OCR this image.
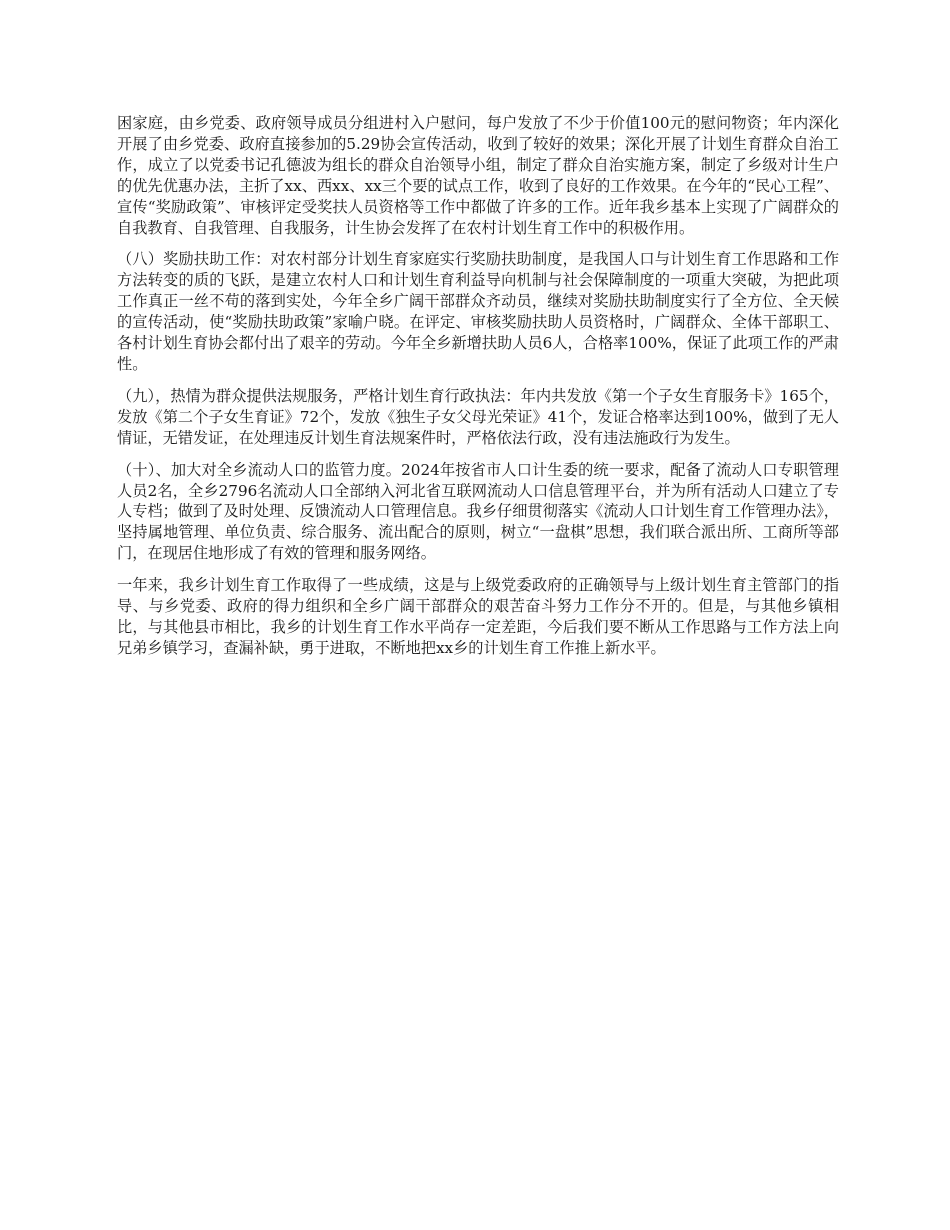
困家庭，由乡党委、政府领导成员分组进村入户慰问，每户发放了不少于价值100元的慰问物资；年内深化开展了由乡党委、政府直接参加的5.29协会宣传活动，收到了较好的效果；深化开展了计划生育群众自治工作，成立了以党委书记孔德波为组长的群众自治领导小组，制定了群众自治实施方案，制定了乡级对计生户的优先优惠办法，主折了xx、西xx、xx三个要的试点工作，收到了良好的工作效果。在今年的“民心工程”、宣传“奖励政策”、审核评定受奖扶人员资格等工作中都做了许多的工作。近年我乡基本上实现了广阔群众的自我教育、自我管理、自我服务，计生协会发挥了在农村计划生育工作中的积极作用。

（八）奖励扶助工作：对农村部分计划生育家庭实行奖励扶助制度，是我国人口与计划生育工作思路和工作方法转变的质的飞跃，是建立农村人口和计划生育利益导向机制与社会保障制度的一项重大突破，为把此项工作真正一丝不苟的落到实处，今年全乡广阔干部群众齐动员，继续对奖励扶助制度实行了全方位、全天候的宣传活动，使“奖励扶助政策”家喻户晓。在评定、审核奖励扶助人员资格时，广阔群众、全体干部职工、各村计划生育协会都付出了艰辛的劳动。今年全乡新增扶助人员6人，合格率100%，保证了此项工作的严肃性。

（九），热情为群众提供法规服务，严格计划生育行政执法：年内共发放《第一个子女生育服务卡》165个，发放《第二个子女生育证》72个，发放《独生子女父母光荣证》41个，发证合格率达到100%，做到了无人情证，无错发证，在处理违反计划生育法规案件时，严格依法行政，没有违法施政行为发生。

（十）、加大对全乡流动人口的监管力度。2024年按省市人口计生委的统一要求，配备了流动人口专职管理人员2名，全乡2796名流动人口全部纳入河北省互联网流动人口信息管理平台，并为所有活动人口建立了专人专档；做到了及时处理、反馈流动人口管理信息。我乡仔细贯彻落实《流动人口计划生育工作管理办法》，坚持属地管理、单位负责、综合服务、流出配合的原则，树立“一盘棋”思想，我们联合派出所、工商所等部门，在现居住地形成了有效的管理和服务网络。

一年来，我乡计划生育工作取得了一些成绩，这是与上级党委政府的正确领导与上级计划生育主管部门的指导、与乡党委、政府的得力组织和全乡广阔干部群众的艰苦奋斗努力工作分不开的。但是，与其他乡镇相比，与其他县市相比，我乡的计划生育工作水平尚存一定差距，今后我们要不断从工作思路与工作方法上向兄弟乡镇学习，查漏补缺，勇于进取，不断地把xx乡的计划生育工作推上新水平。
